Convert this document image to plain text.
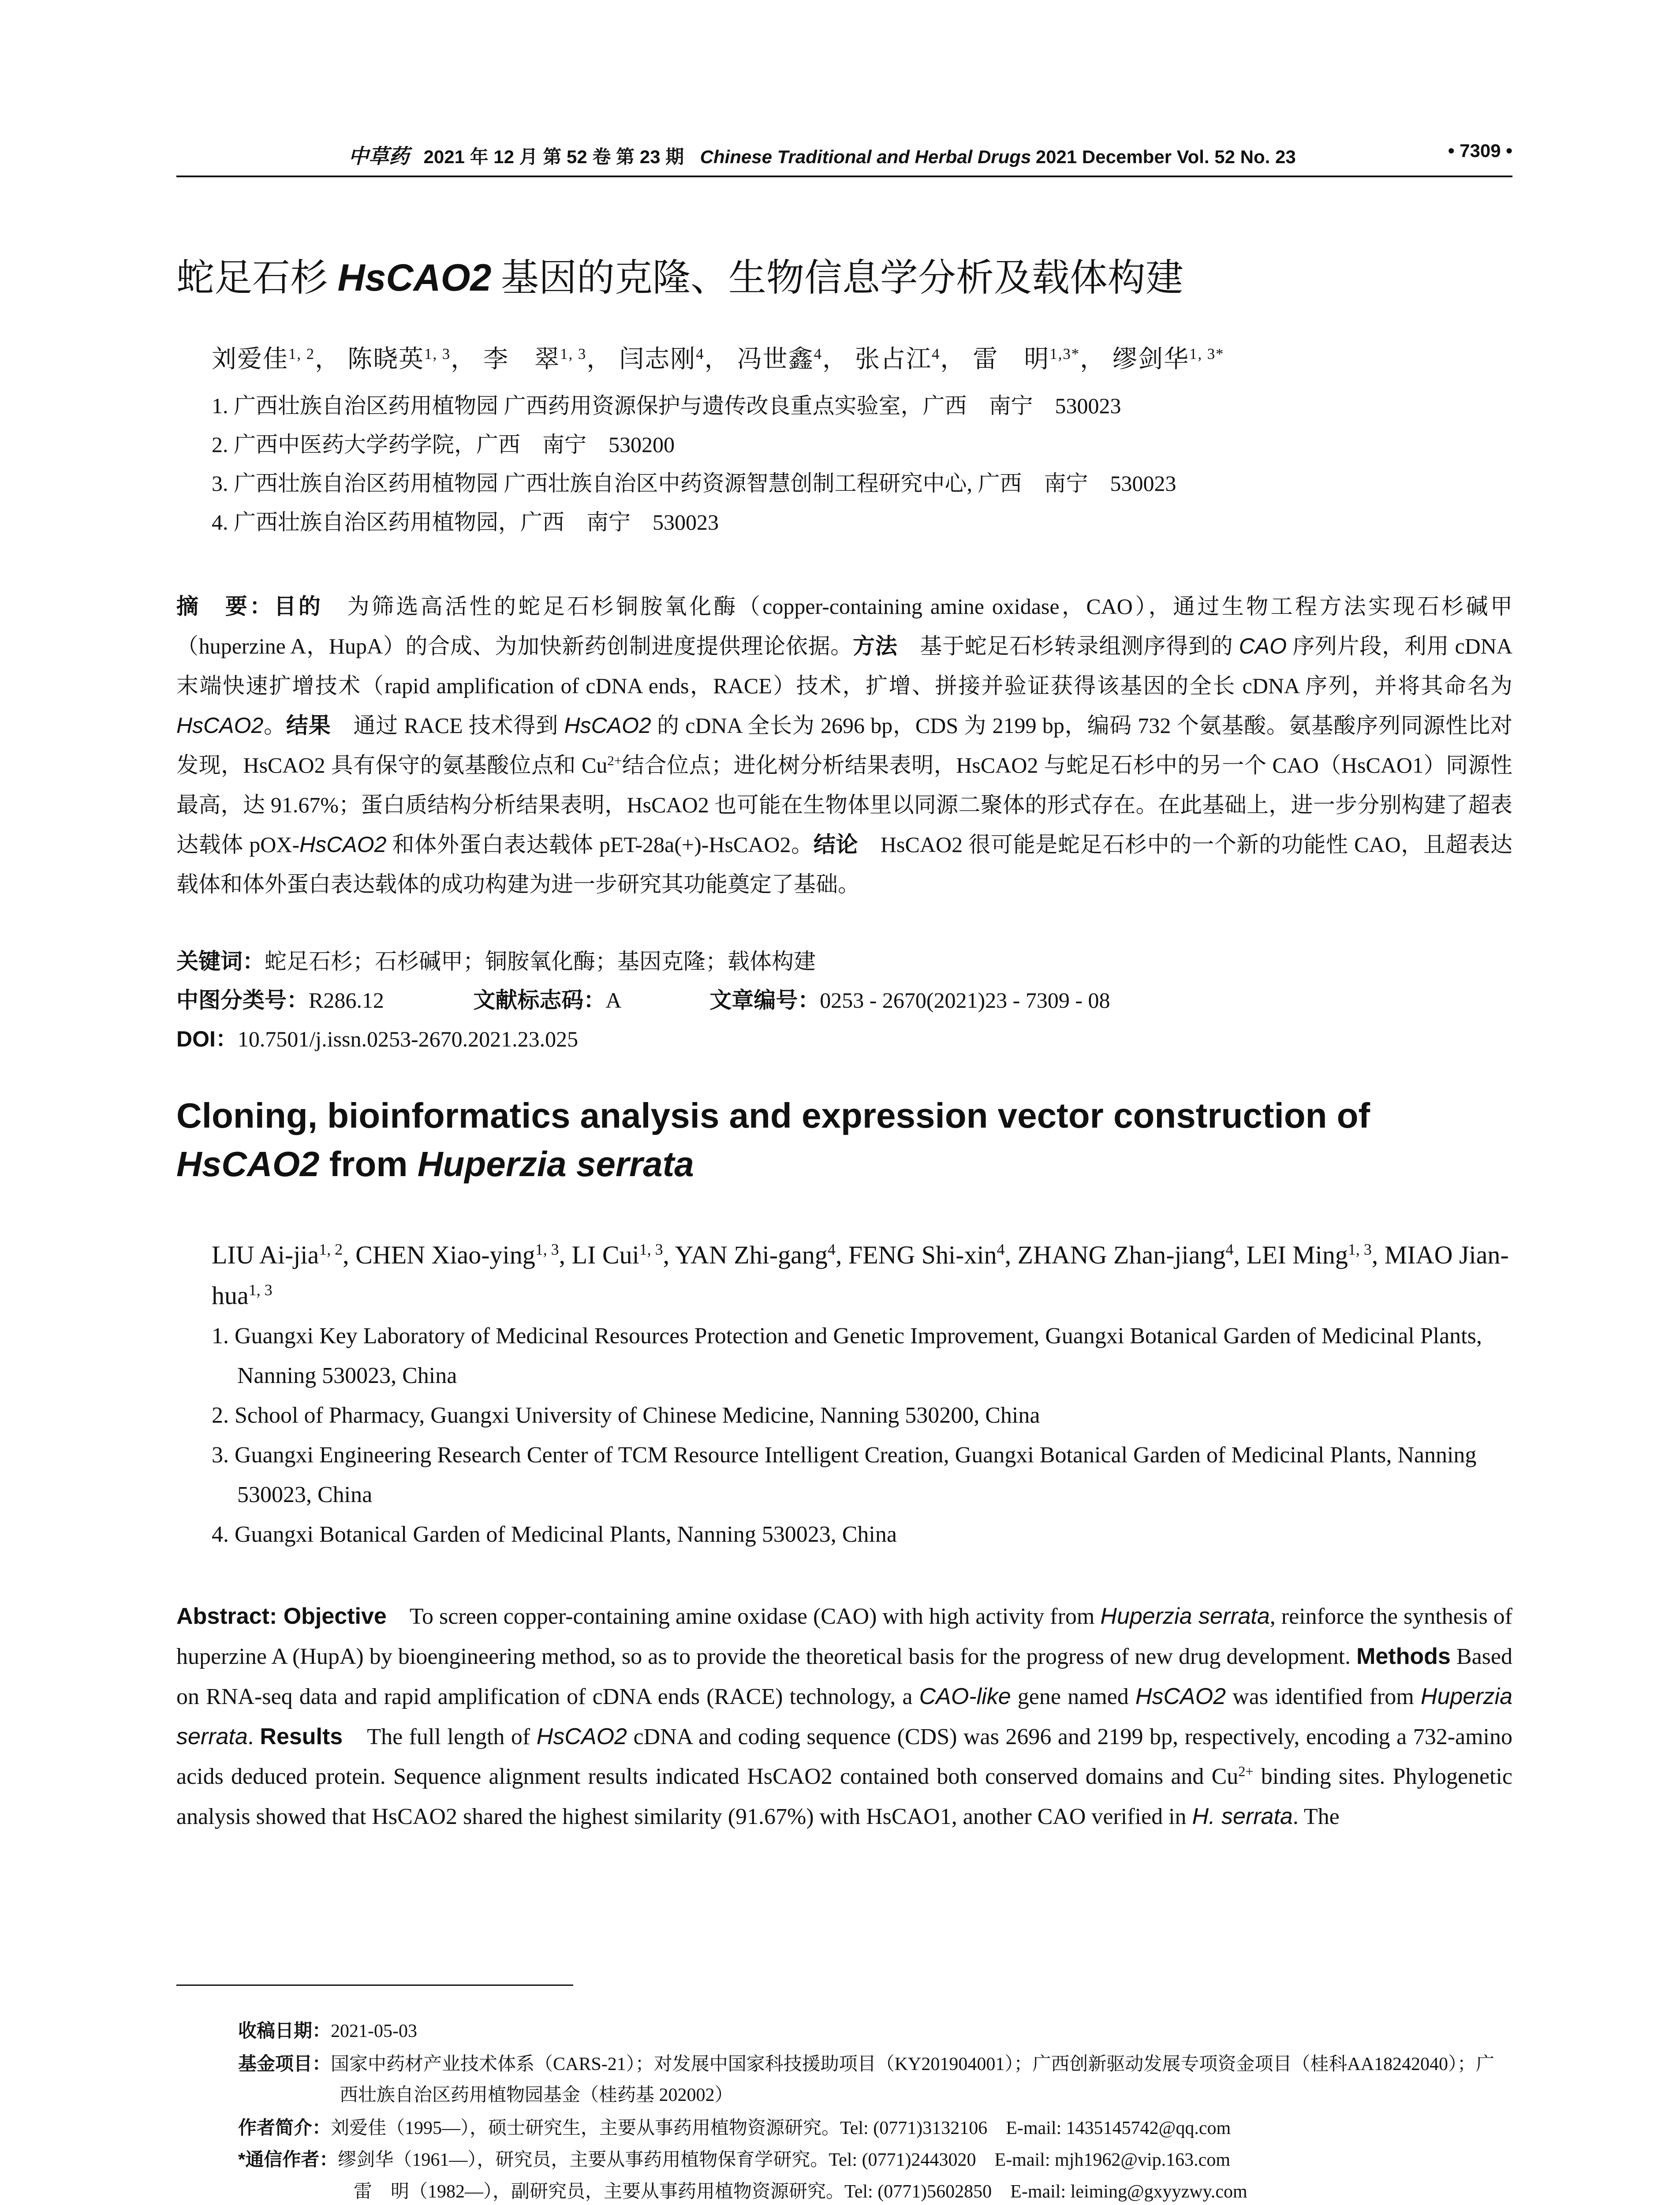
中草药 2021 年 12 月 第 52 卷 第 23 期 Chinese Traditional and Herbal Drugs 2021 December Vol. 52 No. 23	• 7309 •
蛇足石杉 HsCAO2 基因的克隆、生物信息学分析及载体构建
刘爱佳$^{1, 2}$， 陈晓英$^{1, 3}$， 李　翠$^{1, 3}$， 闫志刚$^4$， 冯世鑫$^4$， 张占江$^4$， 雷　明$^{1,3*}$， 缪剑华$^{1, 3*}$
1. 广西壮族自治区药用植物园 广西药用资源保护与遗传改良重点实验室，广西　南宁　530023
2. 广西中医药大学药学院，广西　南宁　530200
3. 广西壮族自治区药用植物园 广西壮族自治区中药资源智慧创制工程研究中心, 广西　南宁　530023
4. 广西壮族自治区药用植物园，广西　南宁　530023
摘　要：目的　为筛选高活性的蛇足石杉铜胺氧化酶（copper-containing amine oxidase，CAO），通过生物工程方法实现石杉碱甲（huperzine A，HupA）的合成、为加快新药创制进度提供理论依据。方法　基于蛇足石杉转录组测序得到的 CAO 序列片段，利用 cDNA 末端快速扩增技术（rapid amplification of cDNA ends，RACE）技术，扩增、拼接并验证获得该基因的全长 cDNA 序列，并将其命名为 HsCAO2。结果　通过 RACE 技术得到 HsCAO2 的 cDNA 全长为 2696 bp，CDS 为 2199 bp，编码 732 个氨基酸。氨基酸序列同源性比对发现，HsCAO2 具有保守的氨基酸位点和 $Cu^{2+}$结合位点；进化树分析结果表明，HsCAO2 与蛇足石杉中的另一个 CAO（HsCAO1）同源性最高，达 91.67%；蛋白质结构分析结果表明，HsCAO2 也可能在生物体里以同源二聚体的形式存在。在此基础上，进一步分别构建了超表达载体 pOX-HsCAO2 和体外蛋白表达载体 pET-28a(+)-HsCAO2。结论　HsCAO2 很可能是蛇足石杉中的一个新的功能性 CAO，且超表达载体和体外蛋白表达载体的成功构建为进一步研究其功能奠定了基础。
关键词：蛇足石杉；石杉碱甲；铜胺氧化酶；基因克隆；载体构建
中图分类号：R286.12	文献标志码：A	文章编号：0253 - 2670(2021)23 - 7309 - 08
DOI：10.7501/j.issn.0253-2670.2021.23.025
Cloning, bioinformatics analysis and expression vector construction of HsCAO2 from Huperzia serrata
LIU Ai-jia$^{1, 2}$, CHEN Xiao-ying$^{1, 3}$, LI Cui$^{1, 3}$, YAN Zhi-gang$^4$, FENG Shi-xin$^4$, ZHANG Zhan-jiang$^4$, LEI Ming$^{1, 3}$, MIAO Jian-hua$^{1, 3}$
1. Guangxi Key Laboratory of Medicinal Resources Protection and Genetic Improvement, Guangxi Botanical Garden of Medicinal Plants, Nanning 530023, China
2. School of Pharmacy, Guangxi University of Chinese Medicine, Nanning 530200, China
3. Guangxi Engineering Research Center of TCM Resource Intelligent Creation, Guangxi Botanical Garden of Medicinal Plants, Nanning 530023, China
4. Guangxi Botanical Garden of Medicinal Plants, Nanning 530023, China
Abstract: Objective　To screen copper-containing amine oxidase (CAO) with high activity from Huperzia serrata, reinforce the synthesis of huperzine A (HupA) by bioengineering method, so as to provide the theoretical basis for the progress of new drug development. Methods Based on RNA-seq data and rapid amplification of cDNA ends (RACE) technology, a CAO-like gene named HsCAO2 was identified from Huperzia serrata. Results　The full length of HsCAO2 cDNA and coding sequence (CDS) was 2696 and 2199 bp, respectively, encoding a 732-amino acids deduced protein. Sequence alignment results indicated HsCAO2 contained both conserved domains and $Cu^{2+}$ binding sites. Phylogenetic analysis showed that HsCAO2 shared the highest similarity (91.67%) with HsCAO1, another CAO verified in H. serrata. The
收稿日期：2021-05-03
基金项目：国家中药材产业技术体系（CARS-21）；对发展中国家科技援助项目（KY201904001）；广西创新驱动发展专项资金项目（桂科AA18242040）；广西壮族自治区药用植物园基金（桂药基 202002）
作者简介：刘爱佳（1995—），硕士研究生，主要从事药用植物资源研究。Tel: (0771)3132106　E-mail: 1435145742@qq.com
*通信作者：缪剑华（1961—），研究员，主要从事药用植物保育学研究。Tel: (0771)2443020　E-mail: mjh1962@vip.163.com
雷　明（1982—），副研究员，主要从事药用植物资源研究。Tel: (0771)5602850　E-mail: leiming@gxyyzwy.com
